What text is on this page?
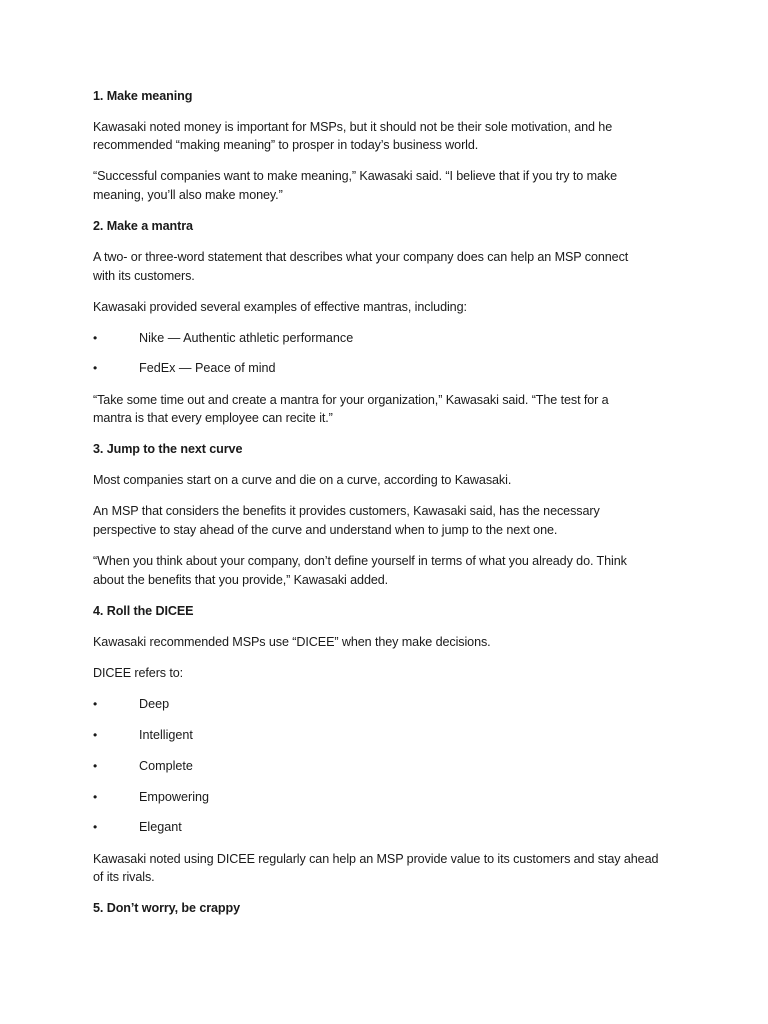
1. Make meaning
Kawasaki noted money is important for MSPs, but it should not be their sole motivation, and he
recommended “making meaning” to prosper in today’s business world.
“Successful companies want to make meaning,” Kawasaki said. “I believe that if you try to make
meaning, you’ll also make money.”
2. Make a mantra
A two- or three-word statement that describes what your company does can help an MSP connect
with its customers.
Kawasaki provided several examples of effective mantras, including:
•	Nike — Authentic athletic performance
•	FedEx — Peace of mind
“Take some time out and create a mantra for your organization,” Kawasaki said. “The test for a
mantra is that every employee can recite it.”
3. Jump to the next curve
Most companies start on a curve and die on a curve, according to Kawasaki.
An MSP that considers the benefits it provides customers, Kawasaki said, has the necessary
perspective to stay ahead of the curve and understand when to jump to the next one.
“When you think about your company, don’t define yourself in terms of what you already do. Think
about the benefits that you provide,” Kawasaki added.
4. Roll the DICEE
Kawasaki recommended MSPs use “DICEE” when they make decisions.
DICEE refers to:
•	Deep
•	Intelligent
•	Complete
•	Empowering
•	Elegant
Kawasaki noted using DICEE regularly can help an MSP provide value to its customers and stay ahead
of its rivals.
5. Don’t worry, be crappy
